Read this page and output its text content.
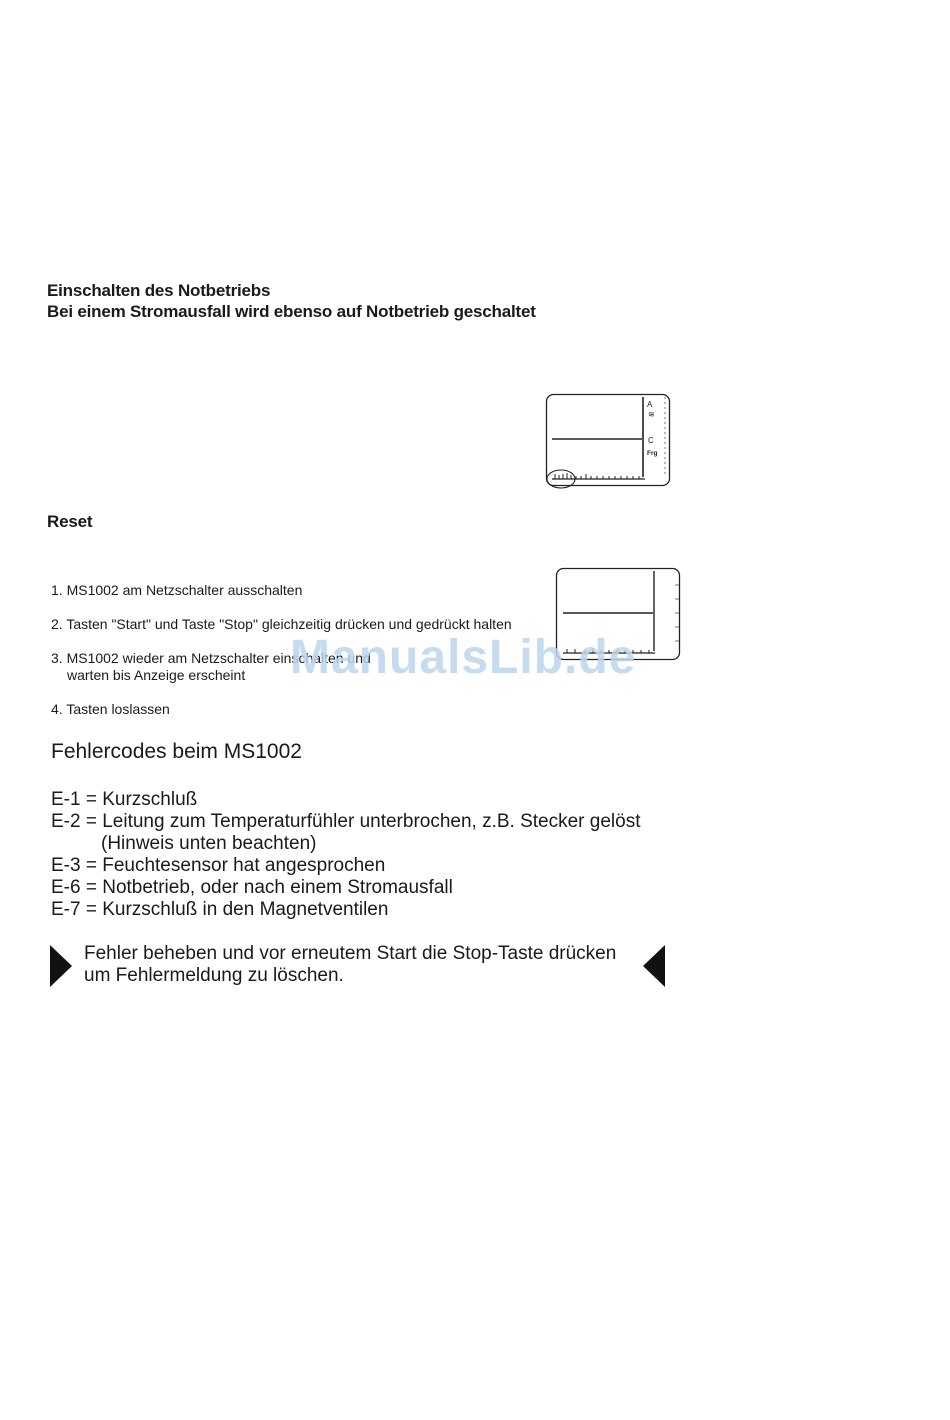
Einschalten des Notbetriebs
Bei einem Stromausfall wird ebenso auf Notbetrieb geschaltet
A
≋
C
Frg
Reset
1. MS1002 am Netzschalter ausschalten
2. Tasten "Start" und Taste "Stop" gleichzeitig drücken und gedrückt halten
3. MS1002 wieder am Netzschalter einschalten und
warten bis Anzeige erscheint
4. Tasten loslassen
ManualsLib.de
Fehlercodes beim MS1002
E-1 = Kurzschluß
E-2 = Leitung zum Temperaturfühler unterbrochen, z.B. Stecker gelöst
(Hinweis unten beachten)
E-3 = Feuchtesensor hat angesprochen
E-6 = Notbetrieb, oder nach einem Stromausfall
E-7 = Kurzschluß in den Magnetventilen
Fehler beheben und vor erneutem Start die Stop-Taste drücken
um Fehlermeldung zu löschen.
